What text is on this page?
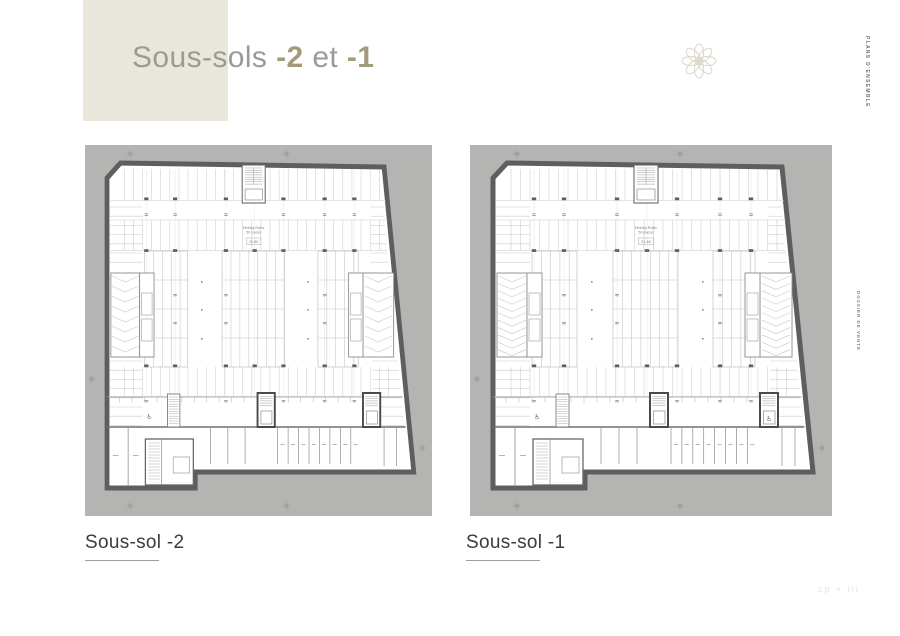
Sous-sols -2 et -1	PLANS D'ENSEMBLE
DOSSIER DE VENTE
♿
Parking Public
50 places
22.80
♿	♿
Parking Public
50 places
22.80
Sous-sol -2	Sous-sol -1
cp + ili
